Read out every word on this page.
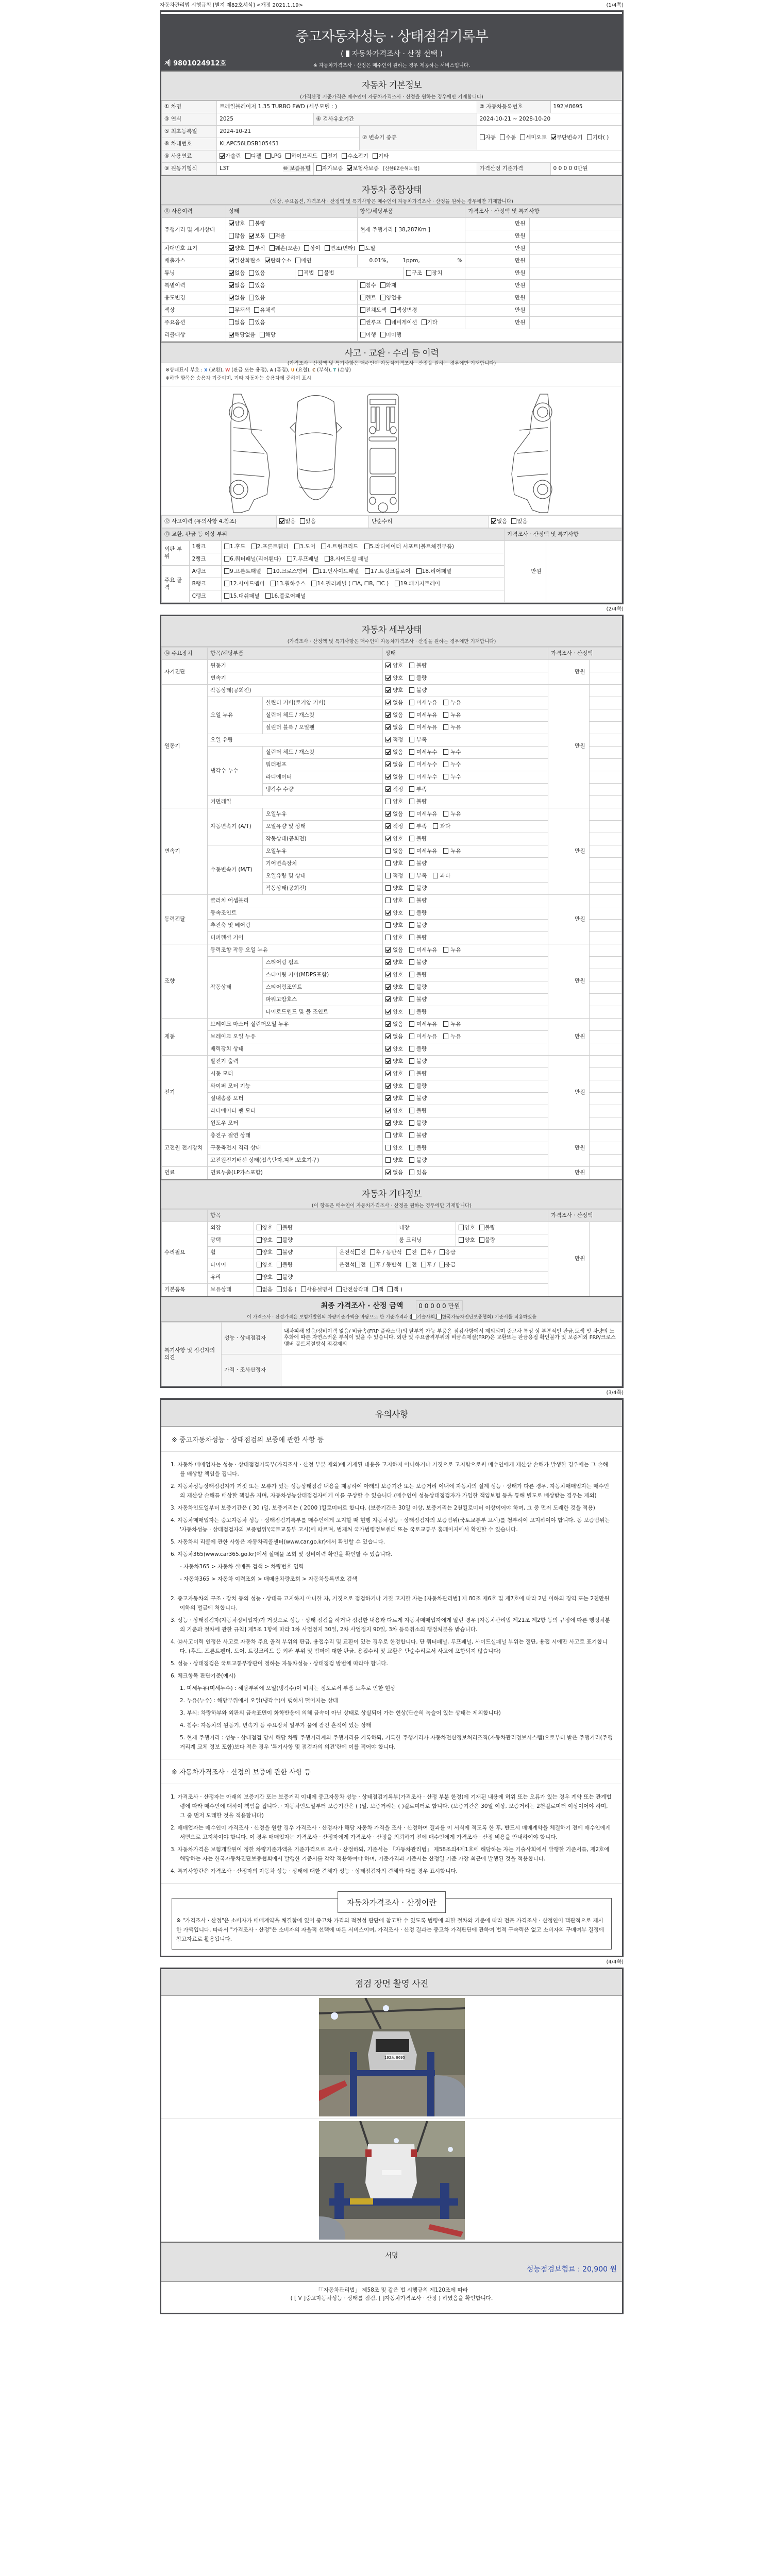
자동차관리법 시행규칙 [별지 제82호서식] <개정 2021.1.19>	(1/4쪽)
중고자동차성능 · 상태점검기록부
( 자동차가격조사 · 산정 선택 )
※ 자동차가격조사 · 산정은 매수인이 원하는 경우 제공하는 서비스입니다.
제 9801024912호
자동차 기본정보
(가격산정 기준가격은 매수인이 자동차가격조사 · 산정을 원하는 경우에만 기재합니다)
① 차명	트레일블레이저 1.35 TURBO FWD (세부모델 : )			② 자동차등록번호	192보8695
③ 연식	2025	④ 검사유효기간		2024-10-21 ~ 2028-10-20	
⑤ 최초등록일	2024-10-21		⑦ 변속기 종류	자동 수동 세미오토 무단변속기 기타( )	
⑥ 차대번호	KLAPC56LDSB105451				
⑧ 사용연료	가솔린 디젤 LPG 하이브리드 전기 수소전기 기타				
⑨ 원동기형식	L3T ⑩ 보증유형	자가보증 보험사보증 [신한EZ손해보험]		가격산정 기준가격	0 0 0 0 0만원
자동차 종합상태
(색상, 주요옵션, 가격조사 · 산정액 및 특기사항은 매수인이 자동차가격조사 · 산정을 원하는 경우에만 기재합니다)
⑪ 사용이력	상태		항목/해당부품		가격조사 · 산정액 및 특기사항	
주행거리 및 계기상태	양호 불량		현재 주행거리 [ 38,287Km ]		만원	
	많음 보통 적음				만원	
차대번호 표기	양호 부식 훼손(오손) 상이 변조(변타) 도말				만원	
배출가스	일산화탄소 탄화수소 매연		0.01%, 1ppm, %		만원	
튜닝	없음 있음	적법 불법		구조 장치	만원	
특별이력	없음 있음		침수 화재		만원	
용도변경	없음 있음		렌트 영업용		만원	
색상	무채색 유채색		전체도색 색상변경		만원	
주요옵션	없음 있음		썬루프 네비게이션 기타		만원	
리콜대상	해당없음 해당		이행 미이행			
사고 · 교환 · 수리 등 이력
(가격조사 · 산정액 및 특기사항은 매수인이 자동차가격조사 · 산정을 원하는 경우에만 기재합니다)
※상태표시 부호 : X (교환), W (판금 또는 용접), A (흠집), U (요철), C (부식), T (손상)
※하단 항목은 승용차 기준이며, 기타 자동차는 승용차에 준하여 표시
⑫ 사고이력 (유의사항 4.참조)	없음 있음	단순수리	없음 있음
⑬ 교환, 판금 등 이상 부위			가격조사 · 산정액 및 특기사항	
외판 부위	1랭크	1.후드 2.프론트휀더 3.도어 4.트렁크리드 5.라디에이터 서포트(볼트체결부품)	만원	
	2랭크	6.쿼터패널(리어휀다) 7.루프패널 8.사이드실 패널		
주요 골격	A랭크	9.프론트패널 10.크로스멤버 11.인사이드패널 17.트렁크플로어 18.리어패널		
	B랭크	12.사이드멤버 13.휠하우스 14.필러패널 ( ☐A, ☐B, ☐C ) 19.패키지트레이		
	C랭크	15.대쉬패널 16.플로어패널		
(2/4쪽)
자동차 세부상태
(가격조사 · 산정액 및 특기사항은 매수인이 자동차가격조사 · 산정을 원하는 경우에만 기재합니다)
⑭ 주요장치	항목/해당부품		상태	가격조사 · 산정액	
자기진단	원동기		양호  불량	만원	
	변속기		양호  불량		
원동기	작동상태(공회전)		양호  불량	만원	
	오일 누유	실린더 커버(로커암 커버)	없음  미세누유  누유		
		실린더 헤드 / 개스킷	없음  미세누유  누유		
		실린더 블록 / 오일팬	없음  미세누유  누유		
	오일 유량		적정  부족		
	냉각수 누수	실린더 헤드 / 개스킷	없음  미세누수  누수		
		워터펌프	없음  미세누수  누수		
		라디에이터	없음  미세누수  누수		
		냉각수 수량	적정  부족		
	커먼레일		양호  불량		
변속기	자동변속기 (A/T)	오일누유	없음  미세누유  누유	만원	
		오일유량 및 상태	적정  부족  과다		
		작동상태(공회전)	양호  불량		
	수동변속기 (M/T)	오일누유	없음  미세누유  누유		
		기어변속장치	양호  불량		
		오일유량 및 상태	적정  부족  과다		
		작동상태(공회전)	양호  불량		
동력전달	클러치 어셈블리		양호  불량	만원	
	등속조인트		양호  불량		
	추진축 및 베어링		양호  불량		
	디퍼렌셜 기어		양호  불량		
조향	동력조향 작동 오일 누유		없음  미세누유  누유	만원	
	작동상태	스티어링 펌프	양호  불량		
		스티어링 기어(MDPS포함)	양호  불량		
		스티어링조인트	양호  불량		
		파워고압호스	양호  불량		
		타이로드엔드 및 볼 조인트	양호  불량		
제동	브레이크 마스터 실린더오일 누유		없음  미세누유  누유	만원	
	브레이크 오일 누유		없음  미세누유  누유		
	배력장치 상태		양호  불량		
전기	발전기 출력		양호  불량	만원	
	시동 모터		양호  불량		
	와이퍼 모터 기능		양호  불량		
	실내송풍 모터		양호  불량		
	라디에이터 팬 모터		양호  불량		
	윈도우 모터		양호  불량		
고전원 전기장치	충전구 절연 상태		양호  불량	만원	
	구동축전지 격리 상태		양호  불량		
	고전원전기배선 상태(접속단자,피복,보호기구)		양호  불량		
연료	연료누출(LP가스포함)		없음  있음	만원	
자동차 기타정보
(이 항목은 매수인이 자동차가격조사 · 산정을 원하는 경우에만 기재합니다)
	항목					가격조사 · 산정액	
수리필요	외장	양호 불량		내장	양호 불량	만원	
	광택	양호 불량		룸 크리닝	양호 불량		
	휠	양호 불량	운전석 전 후 / 동반석 전 후 / 응급				
	타이어	양호 불량	운전석 전 후 / 동반석 전 후 / 응급				
	유리	양호 불량					
기본품목	보유상태	없음 있음 ( 사용설명서 안전삼각대 잭 잭 )					
최종 가격조사 · 산정 금액 0 0 0 0 0 만원
이 가격조사 · 산정가격은 보험개발원의 차량기준가액을 바탕으로 한 기준가격과 ( 기술사회, 한국자동차진단보증협회) 기준서를 적용하였음
특기사항 및 점검자의 의견	성능 · 상태점검자	내차피해 없음/정비이력 없음/ 비금속(FRP 플라스틱)의 탈부착 가능 부품은 점검사항에서 제외되며 중고차 특성 상 부분적인 판금,도색 및 차량의 노후화에 따른 자연스러운 부식이 있을 수 있습니다. 외판 및 주요골격부위의 비금속재질(FRP)은 교환또는 판금용접 확인불가 및 보증제외 FRP/크로스멤버 볼트체결방식 점검제외
	가격 · 조사산정자	
(3/4쪽)
유의사항
※ 중고자동차성능 · 상태점검의 보증에 관한 사항 등

1. 자동차 매매업자는 성능 · 상태점검기록부(가격조사 · 산정 부분 제외)에 기재된 내용을 고지하지 아니하거나 거짓으로 고지함으로써 매수인에게 재산상 손해가 발생한 경우에는 그 손해를 배상할 책임을 집니다.

2. 자동차성능상태점검자가 거짓 또는 오류가 있는 성능상태점검 내용을 제공하여 아래의 보증기간 또는 보증거리 이내에 자동차의 실제 성능 · 상태가 다른 경우, 자동차매매업자는 매수인의 재산상 손해를 배상할 책임을 지며, 자동차성능상태점검자에게 이를 구상할 수 있습니다.(매수인이 성능상태점검자가 가입한 책임보험 등을 통해 별도로 배상받는 경우는 제외)

3. 자동차인도일부터 보증기간은 ( 30 )일, 보증거리는 ( 2000 )킬로미터로 합니다. (보증기간은 30일 이상, 보증거리는 2천킬로미터 이상이어야 하며, 그 중 먼저 도래한 것을 적용)

4. 자동차매매업자는 중고자동차 성능 · 상태점검기록부를 매수인에게 고지할 때 현행 자동차성능 · 상태점검자의 보증범위(국토교통부 고시)를 첨부하여 고지하여야 합니다. 동 보증범위는 '자동차성능 · 상태점검자의 보증범위'(국토교통부 고시)에 따르며, 법제처 국가법령정보센터 또는 국토교통부 홈페이지에서 확인할 수 있습니다.

5. 자동차의 리콜에 관한 사항은 자동차리콜센터(www.car.go.kr)에서 확인할 수 있습니다.

6. 자동차365(www.car365.go.kr)에서 실매물 조회 및 정비이력 확인을 확인할 수 있습니다.

- 자동차365 > 자동차 실매물 검색 > 차량번호 입력

- 자동차365 > 자동차 이력조회 > 매매용차량조회 > 자동차등록번호 검색

2. 중고자동차의 구조 · 장치 등의 성능 · 상태를 고지하지 아니한 자, 거짓으로 점검하거나 거짓 고지한 자는 [자동차관리법] 제 80조 제6호 및 제7호에 따라 2년 이하의 징역 또는 2천만원 이하의 벌금에 처합니다.

3. 성능 · 상태점검자(자동차정비업자)가 거짓으로 성능 · 상태 점검을 하거나 점검한 내용과 다르게 자동차매매업자에게 알린 경우 [자동차관리법 제21조 제2항 등의 규정에 따른 행정처분의 기준과 절차에 관한 규칙] 제5조 1항에 따라 1차 사업정지 30일, 2차 사업정지 90일, 3차 등록취소의 행정처분을 받습니다.

4. ⑫사고이력 인정은 사고로 자동차 주요 골격 부위의 판금, 용접수리 및 교환이 있는 경우로 한정합니다. 단 쿼터패널, 루프패널, 사이드실패널 부위는 절단, 용접 시에만 사고로 표기합니다. (후드, 프론트펜더, 도어, 트렁크리드 등 외판 부위 및 범퍼에 대한 판금, 용접수리 및 교환은 단순수리로서 사고에 포함되지 않습니다)

5. 성능 · 상태점검은 국토교통부장관이 정하는 자동차성능 · 상태점검 방법에 따라야 합니다.

6. 체크항목 판단기준(예시)

1. 미세누유(미세누수) : 해당부위에 오일(냉각수)이 비치는 정도로서 부품 노후로 인한 현상

2. 누유(누수) : 해당부위에서 오일(냉각수)이 맺혀서 떨어지는 상태

3. 부식: 차량하부와 외판의 금속표면이 화학반응에 의해 금속이 아닌 상태로 상실되어 가는 현상(단순히 녹슬어 있는 상태는 제외합니다)

4. 침수: 자동차의 원동기, 변속기 등 주요장치 일부가 물에 잠긴 흔적이 있는 상태

5. 현재 주행거리 : 성능 · 상태점검 당시 해당 차량 주행거리계의 주행거리를 기록하되, 기록한 주행거리가 자동차전산정보처리조직(자동차관리정보시스템)으로부터 받은 주행거리(주행거리계 교체 정보 포함)보다 적은 경우 '특기사항 및 점검자의 의견'란에 이를 적어야 합니다.

※ 자동차가격조사 · 산정의 보증에 관한 사항 등

1. 가격조사 · 산정자는 아래의 보증기간 또는 보증거리 이내에 중고자동차 성능 · 상태점검기록부(가격조사 · 산정 부분 한정)에 기재된 내용에 허위 또는 오류가 있는 경우 계약 또는 관계법령에 따라 매수인에 대하여 책임을 집니다. · 자동차인도일부터 보증기간은 ( )일, 보증거리는 ( )킬로미터로 합니다. (보증기간은 30일 이상, 보증거리는 2천킬로미터 이상이어야 하며, 그 중 먼저 도래한 것을 적용합니다)

2. 매매업자는 매수인이 가격조사 · 산정을 원할 경우 가격조사 · 산정자가 해당 자동차 가격을 조사 · 산정하여 결과를 이 서식에 적도록 한 후, 반드시 매매계약을 체결하기 전에 매수인에게 서면으로 고지하여야 합니다. 이 경우 매매업자는 가격조사 · 산정자에게 가격조사 · 산정을 의뢰하기 전에 매수인에게 가격조사 · 산정 비용을 안내하여야 합니다.

3. 자동차가격은 보험개발원이 정한 차량기준가액을 기준가격으로 조사 · 산정하되, 기준서는 「자동차관리법」 제58조의4제1호에 해당하는 자는 기술사회에서 발행한 기준서를, 제2호에 해당하는 자는 한국자동차진단보증협회에서 발행한 기준서를 각각 적용하여야 하며, 기준가격과 기준서는 산정일 기준 가장 최근에 발행된 것을 적용합니다.

4. 특기사항란은 가격조사 · 산정자의 자동차 성능 · 상태에 대한 견해가 성능 · 상태점검자의 견해와 다를 경우 표시합니다.

자동차가격조사 · 산정이란
※ "가격조사 · 산정"은 소비자가 매매계약을 체결함에 있어 중고차 가격의 적절성 판단에 참고할 수 있도록 법령에 의한 절차와 기준에 따라 전문 가격조사 · 산정인이 객관적으로 제시한 가액입니다. 따라서 "가격조사 · 산정"은 소비자의 자율적 선택에 따른 서비스이며, 가격조사 · 산정 결과는 중고차 가격판단에 관하여 법적 구속력은 없고 소비자의 구매여부 결정에 참고자료로 활용됩니다.
(4/4쪽)
점검 장면 촬영 사진
192보 8695
서명
성능점검보험료 : 20,900 원
「「자동차관리법」 제58조 및 같은 법 시행규칙 제120조에 따라
( [ V ]중고자동차성능 · 상태를 점검, [ ]자동차가격조사 · 산정 ) 하였음을 확인합니다.
